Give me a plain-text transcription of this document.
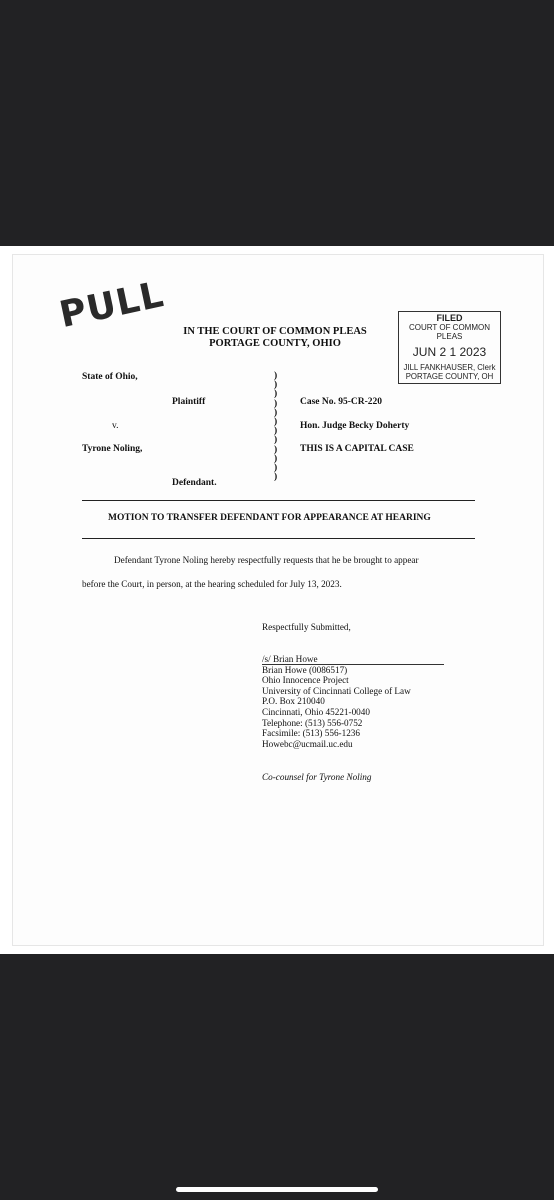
PULL	IN THE COURT OF COMMON PLEAS
PORTAGE COUNTY, OHIO
FILED
COURT OF COMMON PLEAS
JUN 2 1 2023
JILL FANKHAUSER, Clerk
PORTAGE COUNTY, OH
State of Ohio,
Plaintiff
v.
Tyrone Noling,
Defendant.
)
)
)
)
)
)
)
)
)
)
)
)
Case No. 95-CR-220
Hon. Judge Becky Doherty
THIS IS A CAPITAL CASE
MOTION TO TRANSFER DEFENDANT FOR APPEARANCE AT HEARING
Defendant Tyrone Noling hereby respectfully requests that he be brought to appear
before the Court, in person, at the hearing scheduled for July 13, 2023.
Respectfully Submitted,
/s/ Brian Howe
Brian Howe (0086517)
Ohio Innocence Project
University of Cincinnati College of Law
P.O. Box 210040
Cincinnati, Ohio 45221-0040
Telephone: (513) 556-0752
Facsimile: (513) 556-1236
Howebc@ucmail.uc.edu
Co-counsel for Tyrone Noling
